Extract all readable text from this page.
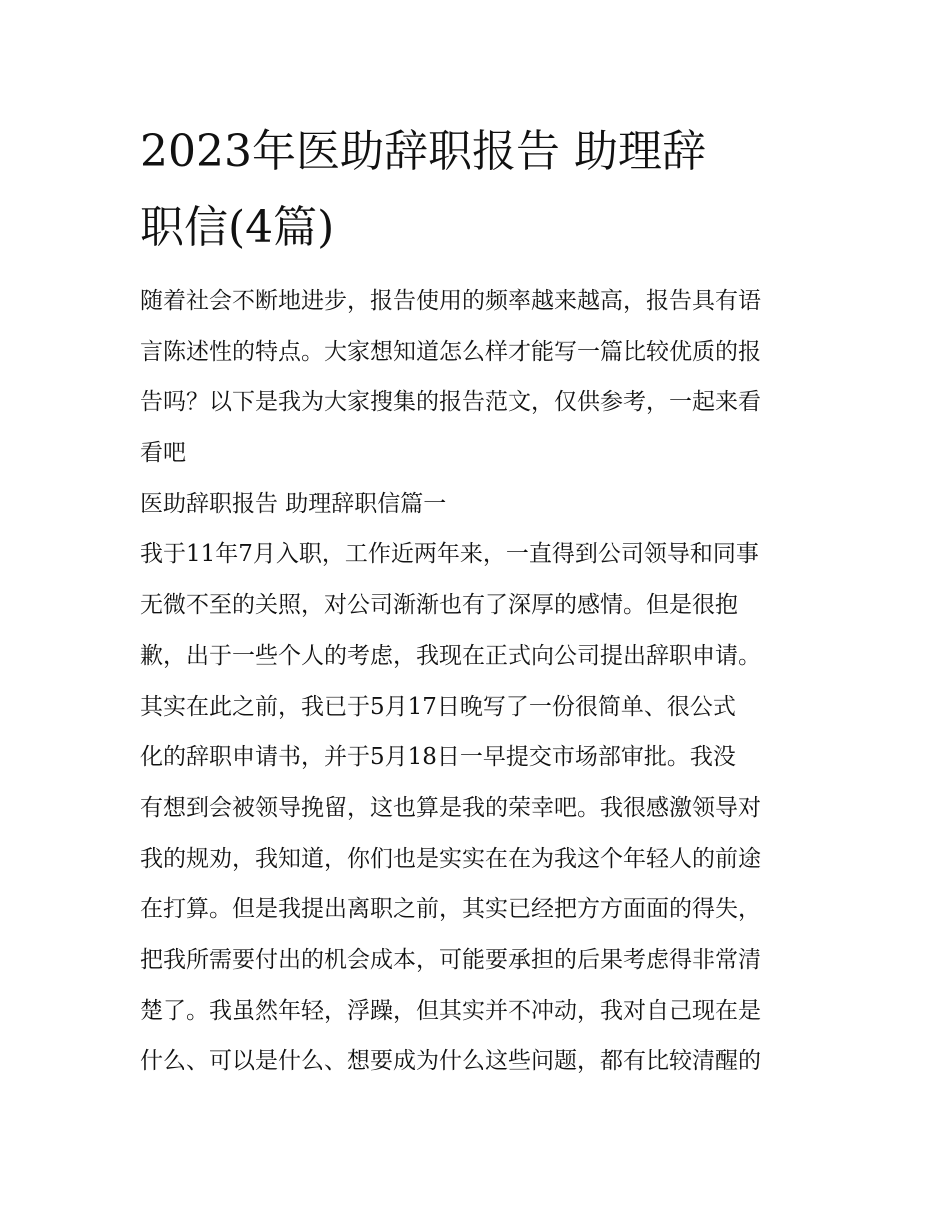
2023年医助辞职报告 助理辞
职信(4篇)
随着社会不断地进步，报告使用的频率越来越高，报告具有语
言陈述性的特点。大家想知道怎么样才能写一篇比较优质的报
告吗？以下是我为大家搜集的报告范文，仅供参考，一起来看
看吧
医助辞职报告 助理辞职信篇一
我于11年7月入职，工作近两年来，一直得到公司领导和同事
无微不至的关照，对公司渐渐也有了深厚的感情。但是很抱
歉，出于一些个人的考虑，我现在正式向公司提出辞职申请。
其实在此之前，我已于5月17日晚写了一份很简单、很公式
化的辞职申请书，并于5月18日一早提交市场部审批。我没
有想到会被领导挽留，这也算是我的荣幸吧。我很感激领导对
我的规劝，我知道，你们也是实实在在为我这个年轻人的前途
在打算。但是我提出离职之前，其实已经把方方面面的得失，
把我所需要付出的机会成本，可能要承担的后果考虑得非常清
楚了。我虽然年轻，浮躁，但其实并不冲动，我对自己现在是
什么、可以是什么、想要成为什么这些问题，都有比较清醒的
